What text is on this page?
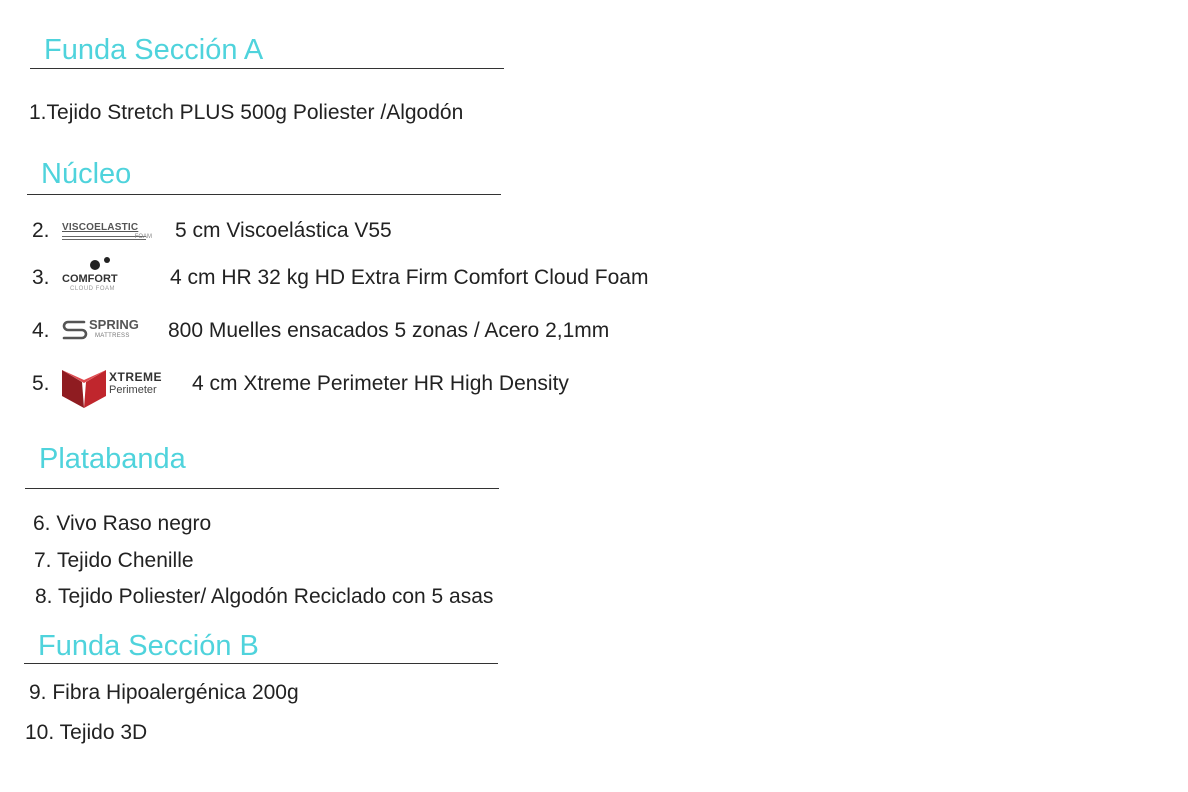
Funda Sección A
1.Tejido Stretch PLUS 500g Poliester /Algodón
Núcleo
2. VISCOELASTIC
FOAM 5 cm Viscoelástica V55
3. COMFORT
CLOUD FOAM	4 cm HR 32 kg HD Extra Firm Comfort Cloud Foam
4.	SPRING
MATTRESS 800 Muelles ensacados 5 zonas / Acero 2,1mm
5.	XTREME
Perimeter 4 cm Xtreme Perimeter HR High Density
Platabanda
6. Vivo Raso negro
7. Tejido Chenille
8. Tejido Poliester/ Algodón Reciclado con 5 asas
Funda Sección B
9. Fibra Hipoalergénica 200g
10. Tejido 3D
